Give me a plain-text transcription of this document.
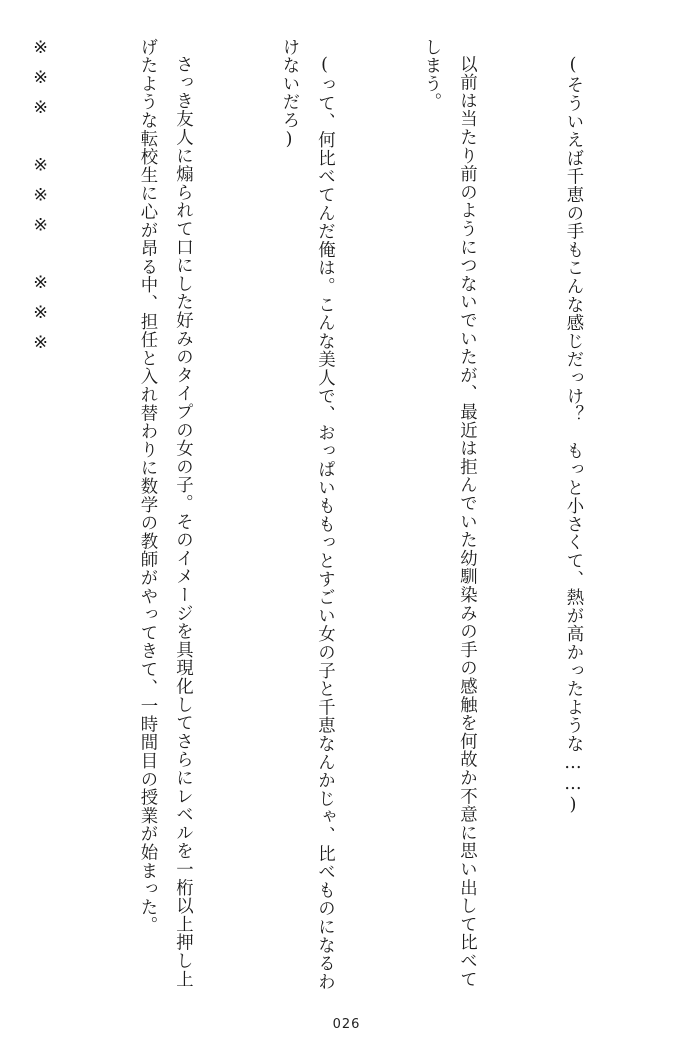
(そういえば千恵の手もこんな感じだっけ？　もっと小さくて、熱が高かったような……)

以前は当たり前のようにつないでいたが、最近は拒んでいた幼馴染みの手の感触を何故か不意に思い出して比べてしまう。

(って、何比べてんだ俺は。こんな美人で、おっぱいももっとすごい女の子と千恵なんかじゃ、比べものになるわけないだろ)

さっき友人に煽られて口にした好みのタイプの女の子。そのイメージを具現化してさらにレベルを一桁以上押し上げたような転校生に心が昂る中、担任と入れ替わりに数学の教師がやってきて、一時間目の授業が始まった。

※※※　※※※　※※※

026
